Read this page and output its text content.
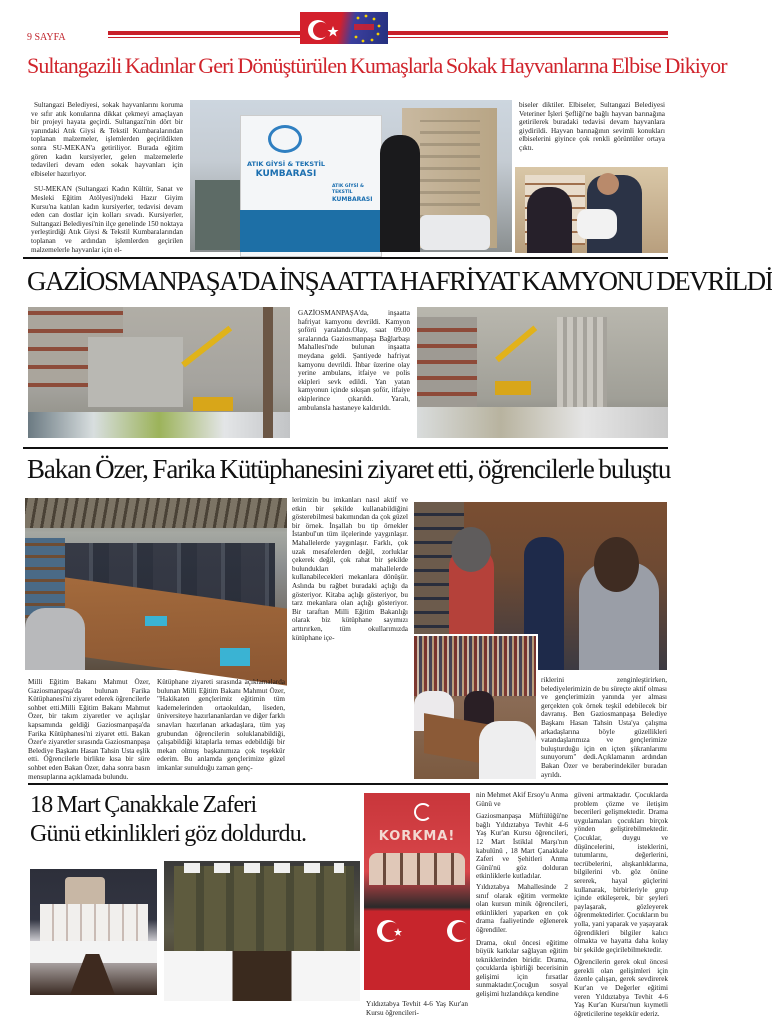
9 SAYFA
Sultangazili Kadınlar Geri Dönüştürülen Kumaşlarla Sokak Hayvanlarına Elbise Dikiyor

Sultangazi Belediyesi, sokak hayvanlarını koruma ve sıfır atık konularına dikkat çekmeyi amaçlayan bir projeyi hayata geçirdi. Sultangazi'nin dört bir yanındaki Atık Giysi & Tekstil Kumbaralarından toplanan malzemeler, işlemlerden geçirildikten sonra SU-MEKAN'a getiriliyor. Burada eğitim gören kadın kursiyerler, gelen malzemelerle tedavileri devam eden sokak hayvanları için elbiseler hazırlıyor.

SU-MEKAN (Sultangazi Kadın Kültür, Sanat ve Mesleki Eğitim Atölyesi)'ndeki Hazır Giyim Kursu'na katılan kadın kursiyerler, tedavisi devam eden can dostlar için kolları sıvadı. Kursiyerler, Sultangazi Belediyesi'nin ilçe genelinde 150 noktaya yerleştirdiği Atık Giysi & Tekstil Kumbaralarından toplanan ve ardından işlemlerden geçirilen malzemelerle hayvanlar için el-

ATIK GİYSİ & TEKSTİL
KUMBARASI
ATIK GİYSİ & TEKSTİL
KUMBARASI

biseler diktiler. Elbiseler, Sultangazi Belediyesi Veteriner İşleri Şefliği'ne bağlı hayvan barınağına getirilerek buradaki tedavisi devam hayvanlara giydirildi. Hayvan barınağının sevimli konukları elbiselerini giyince çok renkli görüntüler ortaya çıktı.

GAZİOSMANPAŞA'DA İNŞAATTA HAFRİYAT KAMYONU DEVRİLDİ

GAZİOSMANPAŞA'da, inşaatta hafriyat kamyonu devrildi. Kamyon şoförü yaralandı.Olay, saat 09.00 sıralarında Gaziosmanpaşa Bağlarbaşı Mahallesi'nde bulunan inşaatta meydana geldi. Şantiyede hafriyat kamyonu devrildi. İhbar üzerine olay yerine ambulans, itfaiye ve polis ekipleri sevk edildi. Yan yatan kamyonun içinde sıkışan şoför, itfaiye ekiplerince çıkarıldı. Yaralı, ambulansla hastaneye kaldırıldı.

Bakan Özer, Farika Kütüphanesini ziyaret etti, öğrencilerle buluştu

lerimizin bu imkanları nasıl aktif ve etkin bir şekilde kullanabildiğini gösterebilmesi bakımından da çok güzel bir örnek. İnşallah bu tip örnekler İstanbul'un tüm ilçelerinde yaygınlaşır. Mahallelerde yaygınlaşır. Farklı, çok uzak mesafelerden değil, zorluklar çekerek değil, çok rahat bir şekilde bulundukları mahallelerde kullanabilecekleri mekanlara dönüşür. Aslında bu rağbet buradaki açlığı da gösteriyor. Kitaba açlığı gösteriyor, bu tarz mekanlara olan açlığı gösteriyor. Bir taraftan Milli Eğitim Bakanlığı olarak biz kütüphane sayımızı arttırırken, tüm okullarımızda kütüphane içe-

Milli Eğitim Bakanı Mahmut Özer, Gaziosmanpaşa'da bulunan Farika Kütüphanesi'ni ziyaret ederek öğrencilerle sohbet etti.Milli Eğitim Bakanı Mahmut Özer, bir takım ziyaretler ve açılışlar kapsamında geldiği Gaziosmanpaşa'da Farika Kütüphanesi'ni ziyaret etti. Bakan Özer'e ziyaretler sırasında Gaziosmanpaşa Belediye Başkanı Hasan Tahsin Usta eşlik etti. Öğrencilerle birlikte kısa bir süre sohbet eden Bakan Özer, daha sonra basın mensuplarına açıklamada bulundu.

Kütüphane ziyareti sırasında açıklamalarda bulunan Milli Eğitim Bakanı Mahmut Özer, "Hakikaten gençlerimiz eğitimin tüm kademelerinden ortaokuldan, liseden, üniversiteye hazırlananlardan ve diğer farklı sınavları hazırlanan arkadaşlara, tüm yaş grubundan öğrencilerin soluklanabildiği, çalışabildiği kitaplarla temas edebildiği bir mekan olmuş başkanımıza çok teşekkür ederim. Bu anlamda gençlerimize güzel imkanlar sunulduğu zaman genç-

riklerini zenginleştirirken, belediyelerimizin de bu süreçte aktif olması ve gençlerimizin yanında yer alması gerçekten çok örnek teşkil edebilecek bir davranış. Ben Gaziosmanpaşa Belediye Başkanı Hasan Tahsin Usta'ya çalışma arkadaşlarına böyle güzellikleri vatandaşlarımıza ve gençlerimize buluşturduğu için en içten şükranlarımı sunuyorum" dedi.Açıklamanın ardından Bakan Özer ve beraberindekiler buradan ayrıldı.

18 Mart Çanakkale Zaferi
Günü etkinlikleri göz doldurdu.	KORKMA!
Yıldıztabya Tevhit 4-6 Yaş Kur'an Kursu öğrencileri-

nin Mehmet Akif Ersoy'u Anma Günü ve

Gaziosmanpaşa Müftülüğü'ne bağlı Yıldıztabya Tevhit 4-6 Yaş Kur'an Kursu öğrencileri, 12 Mart İstiklal Marşı'nın kabulünü , 18 Mart Çanakkale Zaferi ve Şehitleri Anma Günü'nü göz dolduran etkinliklerle kutladılar.

Yıldıztabya Mahallesinde 2 sınıf olarak eğitim vermekte olan kursun minik öğrencileri, etkinlikleri yaparken en çok drama faaliyetinde eğlenerek öğrendiler.

Drama, okul öncesi eğitime büyük katkılar sağlayan eğitim tekniklerinden biridir. Drama, çocuklarda işbirliği becerisinin gelişimi için fırsatlar sunmaktadır.Çocuğun sosyal gelişimi hızlandıkça kendine

güveni artmaktadır. Çocuklarda problem çözme ve iletişim becerileri gelişmektedir. Drama uygulamaları çocukları birçok yönden geliştirebilmektedir. Çocuklar, duygu ve düşüncelerini, isteklerini, tutumlarını, değerlerini, tecrübelerini, alışkanlıklarına, bilgilerini vb. göz önüne sererek, hayal güçlerini kullanarak, birbirleriyle grup içinde etkileşerek, bir şeyleri paylaşarak, gözleyerek öğrenmektedirler. Çocukların bu yolla, yani yaparak ve yaşayarak öğrendikleri bilgiler kalıcı olmakta ve hayatta daha kolay bir şekilde geçirilebilmektedir.

Öğrencilerin gerek okul öncesi gerekli olan gelişimleri için özenle çalışan, gerek sevdirerek Kur'an ve Değerler eğitimi veren Yıldıztabya Tevhit 4-6 Yaş Kur'an Kursu'nun kıymetli öğreticilerine teşekkür ederiz.
